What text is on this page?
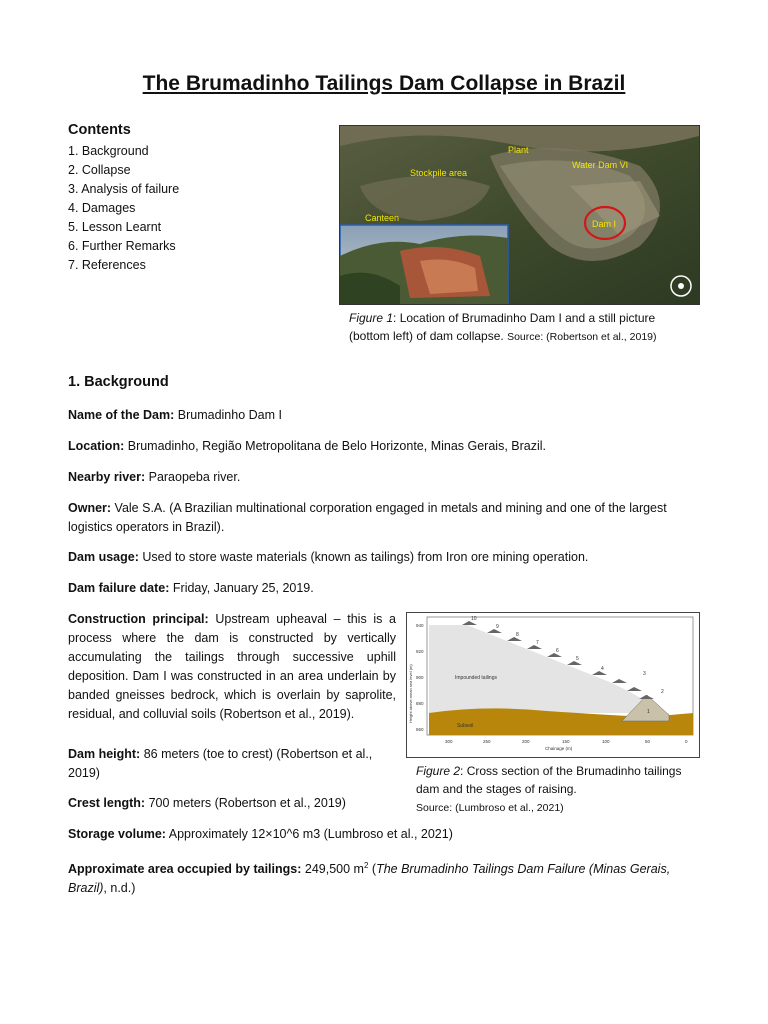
The Brumadinho Tailings Dam Collapse in Brazil
Contents
1. Background
2. Collapse
3. Analysis of failure
4. Damages
5. Lesson Learnt
6. Further Remarks
7. References
Plant
Stockpile area
Water Dam VI
Canteen
Dam I
Figure 1: Location of Brumadinho Dam I and a still picture (bottom left) of dam collapse. Source: (Robertson et al., 2019)
1. Background

Name of the Dam: Brumadinho Dam I

Location: Brumadinho, Região Metropolitana de Belo Horizonte, Minas Gerais, Brazil.

Nearby river: Paraopeba river.

Owner: Vale S.A. (A Brazilian multinational corporation engaged in metals and mining and one of the largest logistics operators in Brazil).

Dam usage: Used to store waste materials (known as tailings) from Iron ore mining operation.

Dam failure date: Friday, January 25, 2019.

Construction principal: Upstream upheaval – this is a process where the dam is constructed by vertically accumulating the tailings through successive uphill deposition. Dam I was constructed in an area underlain by banded gneisses bedrock, which is overlain by saprolite, residual, and colluvial soils (Robertson et al., 2019).

Dam height: 86 meters (toe to crest) (Robertson et al., 2019)

Crest length: 700 meters (Robertson et al., 2019)

Storage volume: Approximately 12×10^6 m3 (Lumbroso et al., 2021)

Approximate area occupied by tailings: 249,500 $m^2$ (The Brumadinho Tailings Dam Failure (Minas Gerais, Brazil), n.d.)

10
9
8
7
6
5
4
3
2
1
Impounded tailings
Subsoil
300	250	200	150	100	50	0
Chainage (m)
940
920
900
880
860
Height above mean sea level (m)
Figure 2: Cross section of the Brumadinho tailings dam and the stages of raising.
Source: (Lumbroso et al., 2021)
